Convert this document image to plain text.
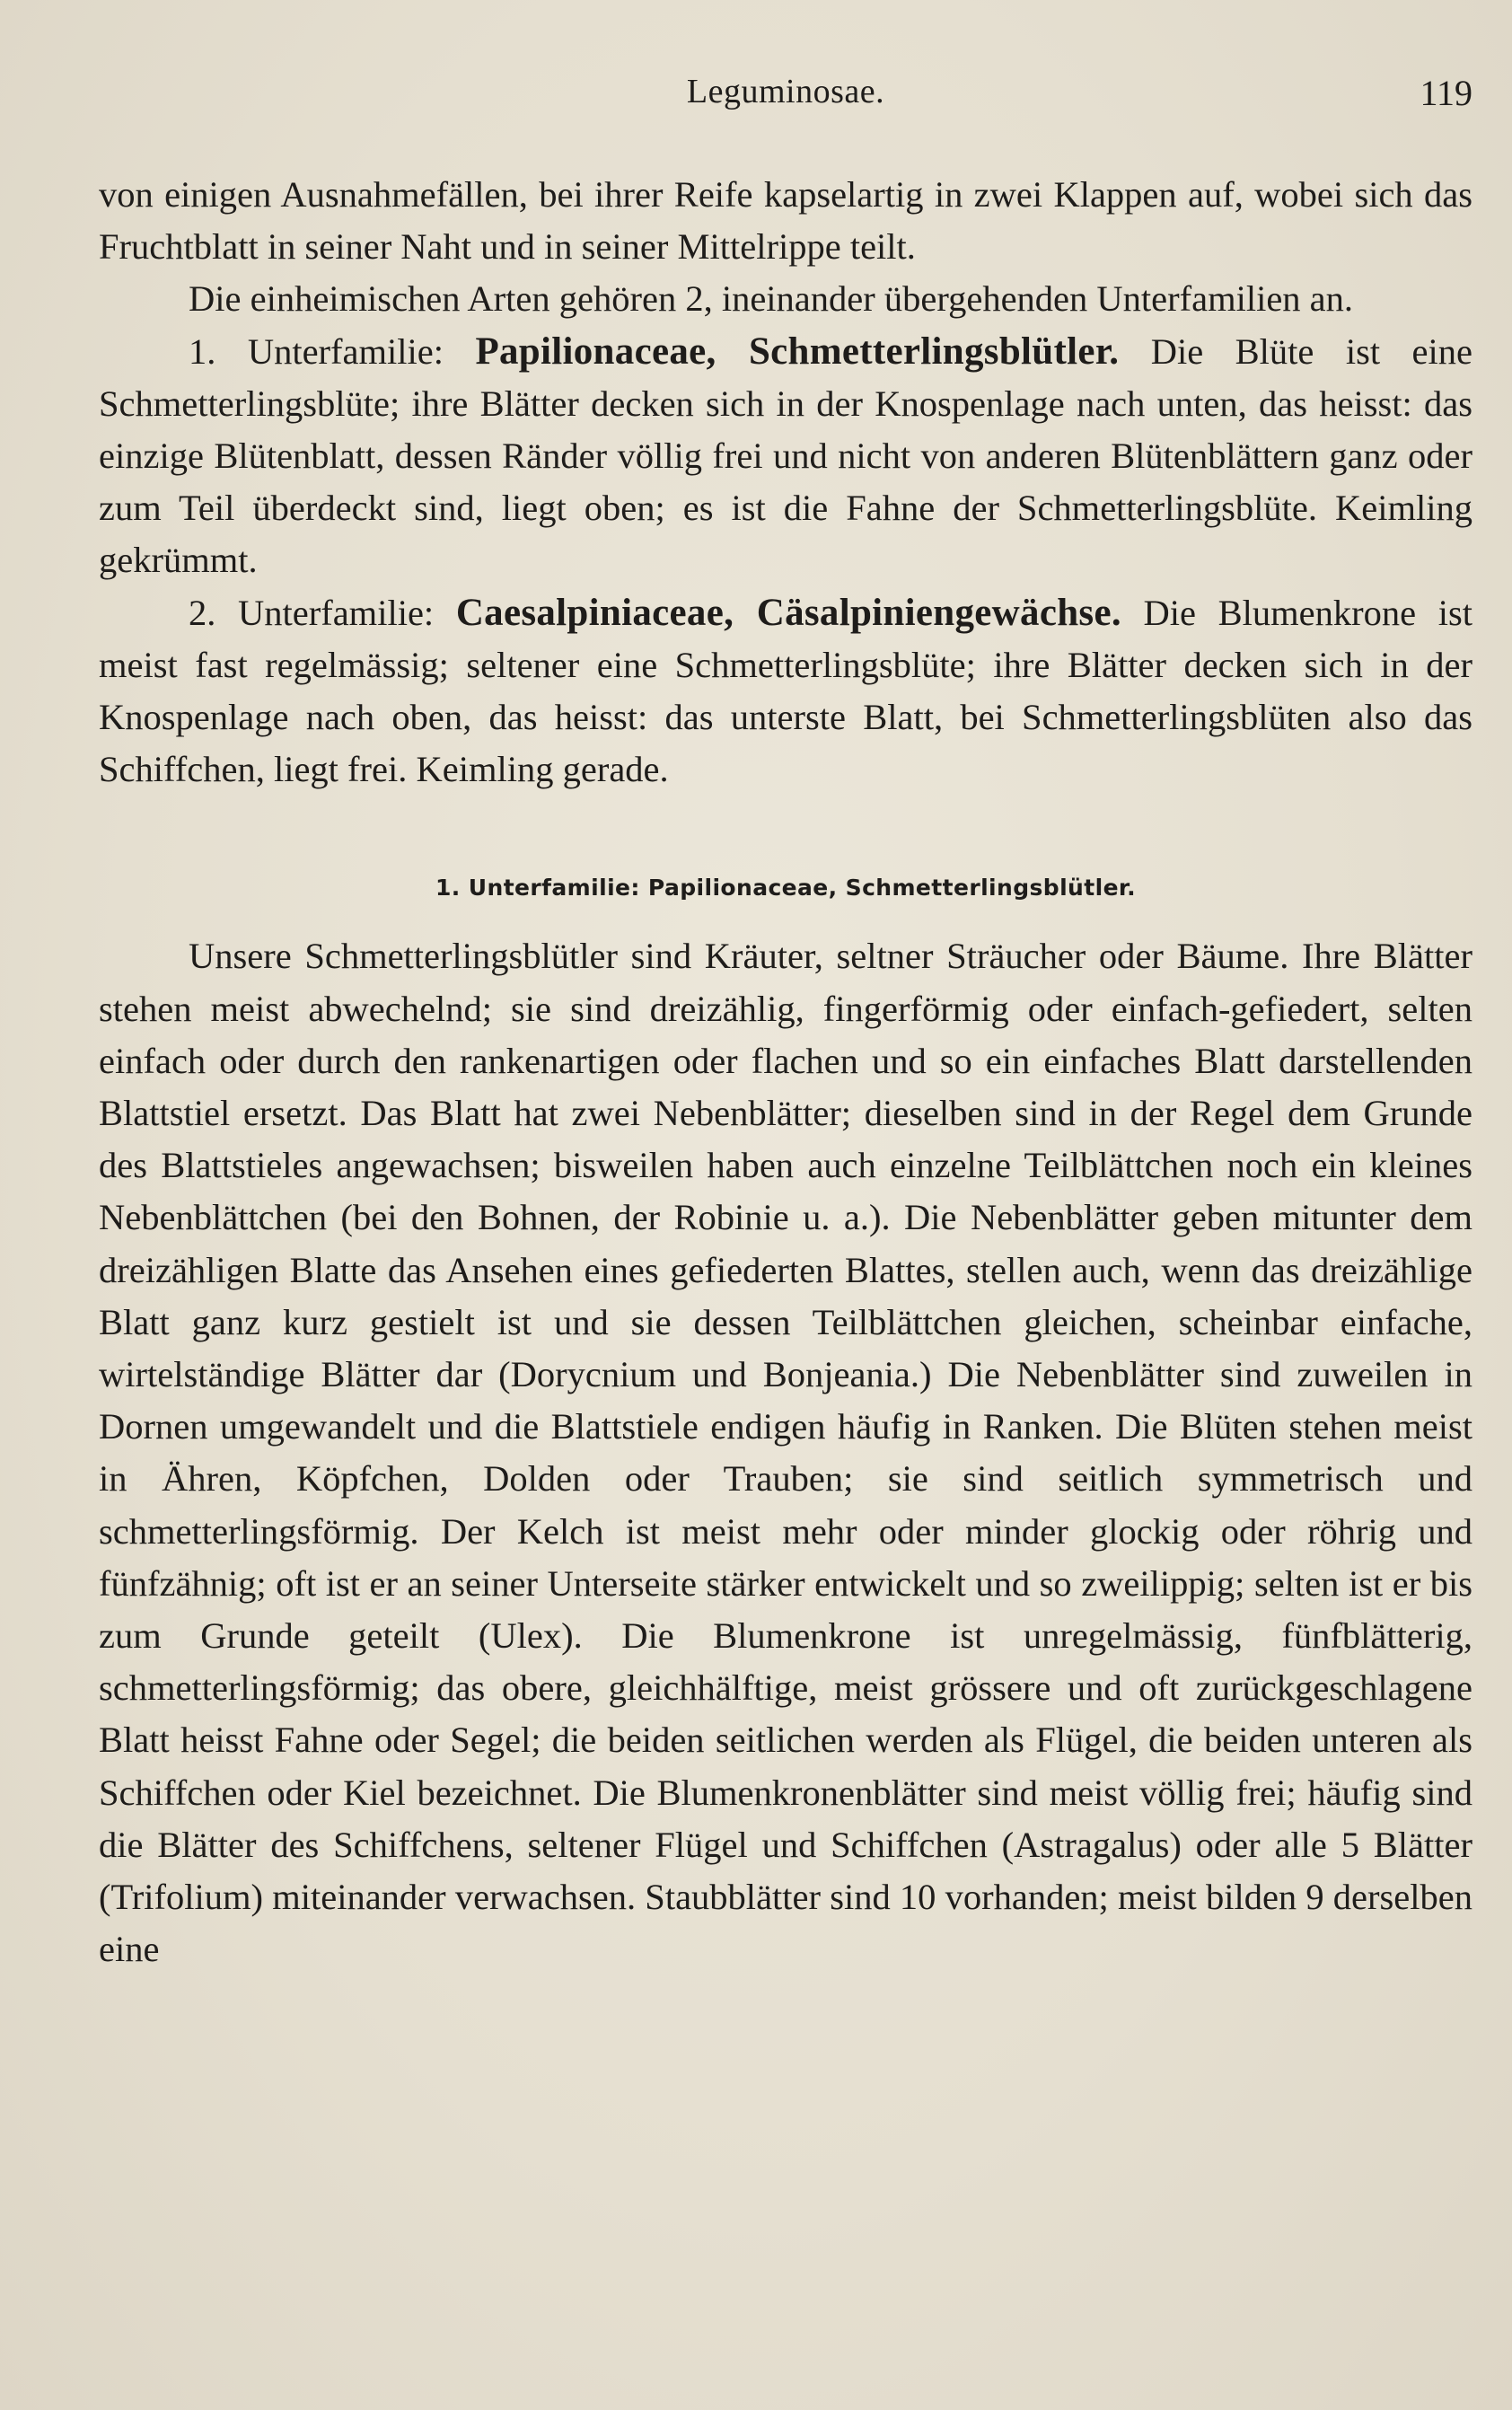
Leguminosae.	119

von einigen Ausnahmefällen, bei ihrer Reife kapselartig in zwei Klappen auf, wobei sich das Fruchtblatt in seiner Naht und in seiner Mittelrippe teilt.

Die einheimischen Arten gehören 2, ineinander übergehenden Unterfamilien an.

1. Unterfamilie: Papilionaceae, Schmetterlingsblütler. Die Blüte ist eine Schmetterlingsblüte; ihre Blätter decken sich in der Knospenlage nach unten, das heisst: das einzige Blütenblatt, dessen Ränder völlig frei und nicht von anderen Blütenblättern ganz oder zum Teil überdeckt sind, liegt oben; es ist die Fahne der Schmetterlingsblüte. Keimling gekrümmt.

2. Unterfamilie: Caesalpiniaceae, Cäsalpiniengewächse. Die Blumenkrone ist meist fast regelmässig; seltener eine Schmetterlingsblüte; ihre Blätter decken sich in der Knospenlage nach oben, das heisst: das unterste Blatt, bei Schmetterlingsblüten also das Schiffchen, liegt frei. Keimling gerade.

1. Unterfamilie: Papilionaceae, Schmetterlingsblütler.

Unsere Schmetterlingsblütler sind Kräuter, seltner Sträucher oder Bäume. Ihre Blätter stehen meist abwechelnd; sie sind dreizählig, fingerförmig oder einfach-gefiedert, selten einfach oder durch den rankenartigen oder flachen und so ein einfaches Blatt darstellenden Blattstiel ersetzt. Das Blatt hat zwei Nebenblätter; dieselben sind in der Regel dem Grunde des Blattstieles angewachsen; bisweilen haben auch einzelne Teilblättchen noch ein kleines Nebenblättchen (bei den Bohnen, der Robinie u. a.). Die Nebenblätter geben mitunter dem dreizähligen Blatte das Ansehen eines gefiederten Blattes, stellen auch, wenn das dreizählige Blatt ganz kurz gestielt ist und sie dessen Teilblättchen gleichen, scheinbar einfache, wirtelständige Blätter dar (Dorycnium und Bonjeania.) Die Nebenblätter sind zuweilen in Dornen umgewandelt und die Blattstiele endigen häufig in Ranken. Die Blüten stehen meist in Ähren, Köpfchen, Dolden oder Trauben; sie sind seitlich symmetrisch und schmetterlingsförmig. Der Kelch ist meist mehr oder minder glockig oder röhrig und fünfzähnig; oft ist er an seiner Unterseite stärker entwickelt und so zweilippig; selten ist er bis zum Grunde geteilt (Ulex). Die Blumenkrone ist unregelmässig, fünfblätterig, schmetterlingsförmig; das obere, gleichhälftige, meist grössere und oft zurückgeschlagene Blatt heisst Fahne oder Segel; die beiden seitlichen werden als Flügel, die beiden unteren als Schiffchen oder Kiel bezeichnet. Die Blumenkronenblätter sind meist völlig frei; häufig sind die Blätter des Schiffchens, seltener Flügel und Schiffchen (Astragalus) oder alle 5 Blätter (Trifolium) miteinander verwachsen. Staubblätter sind 10 vorhanden; meist bilden 9 derselben eine
